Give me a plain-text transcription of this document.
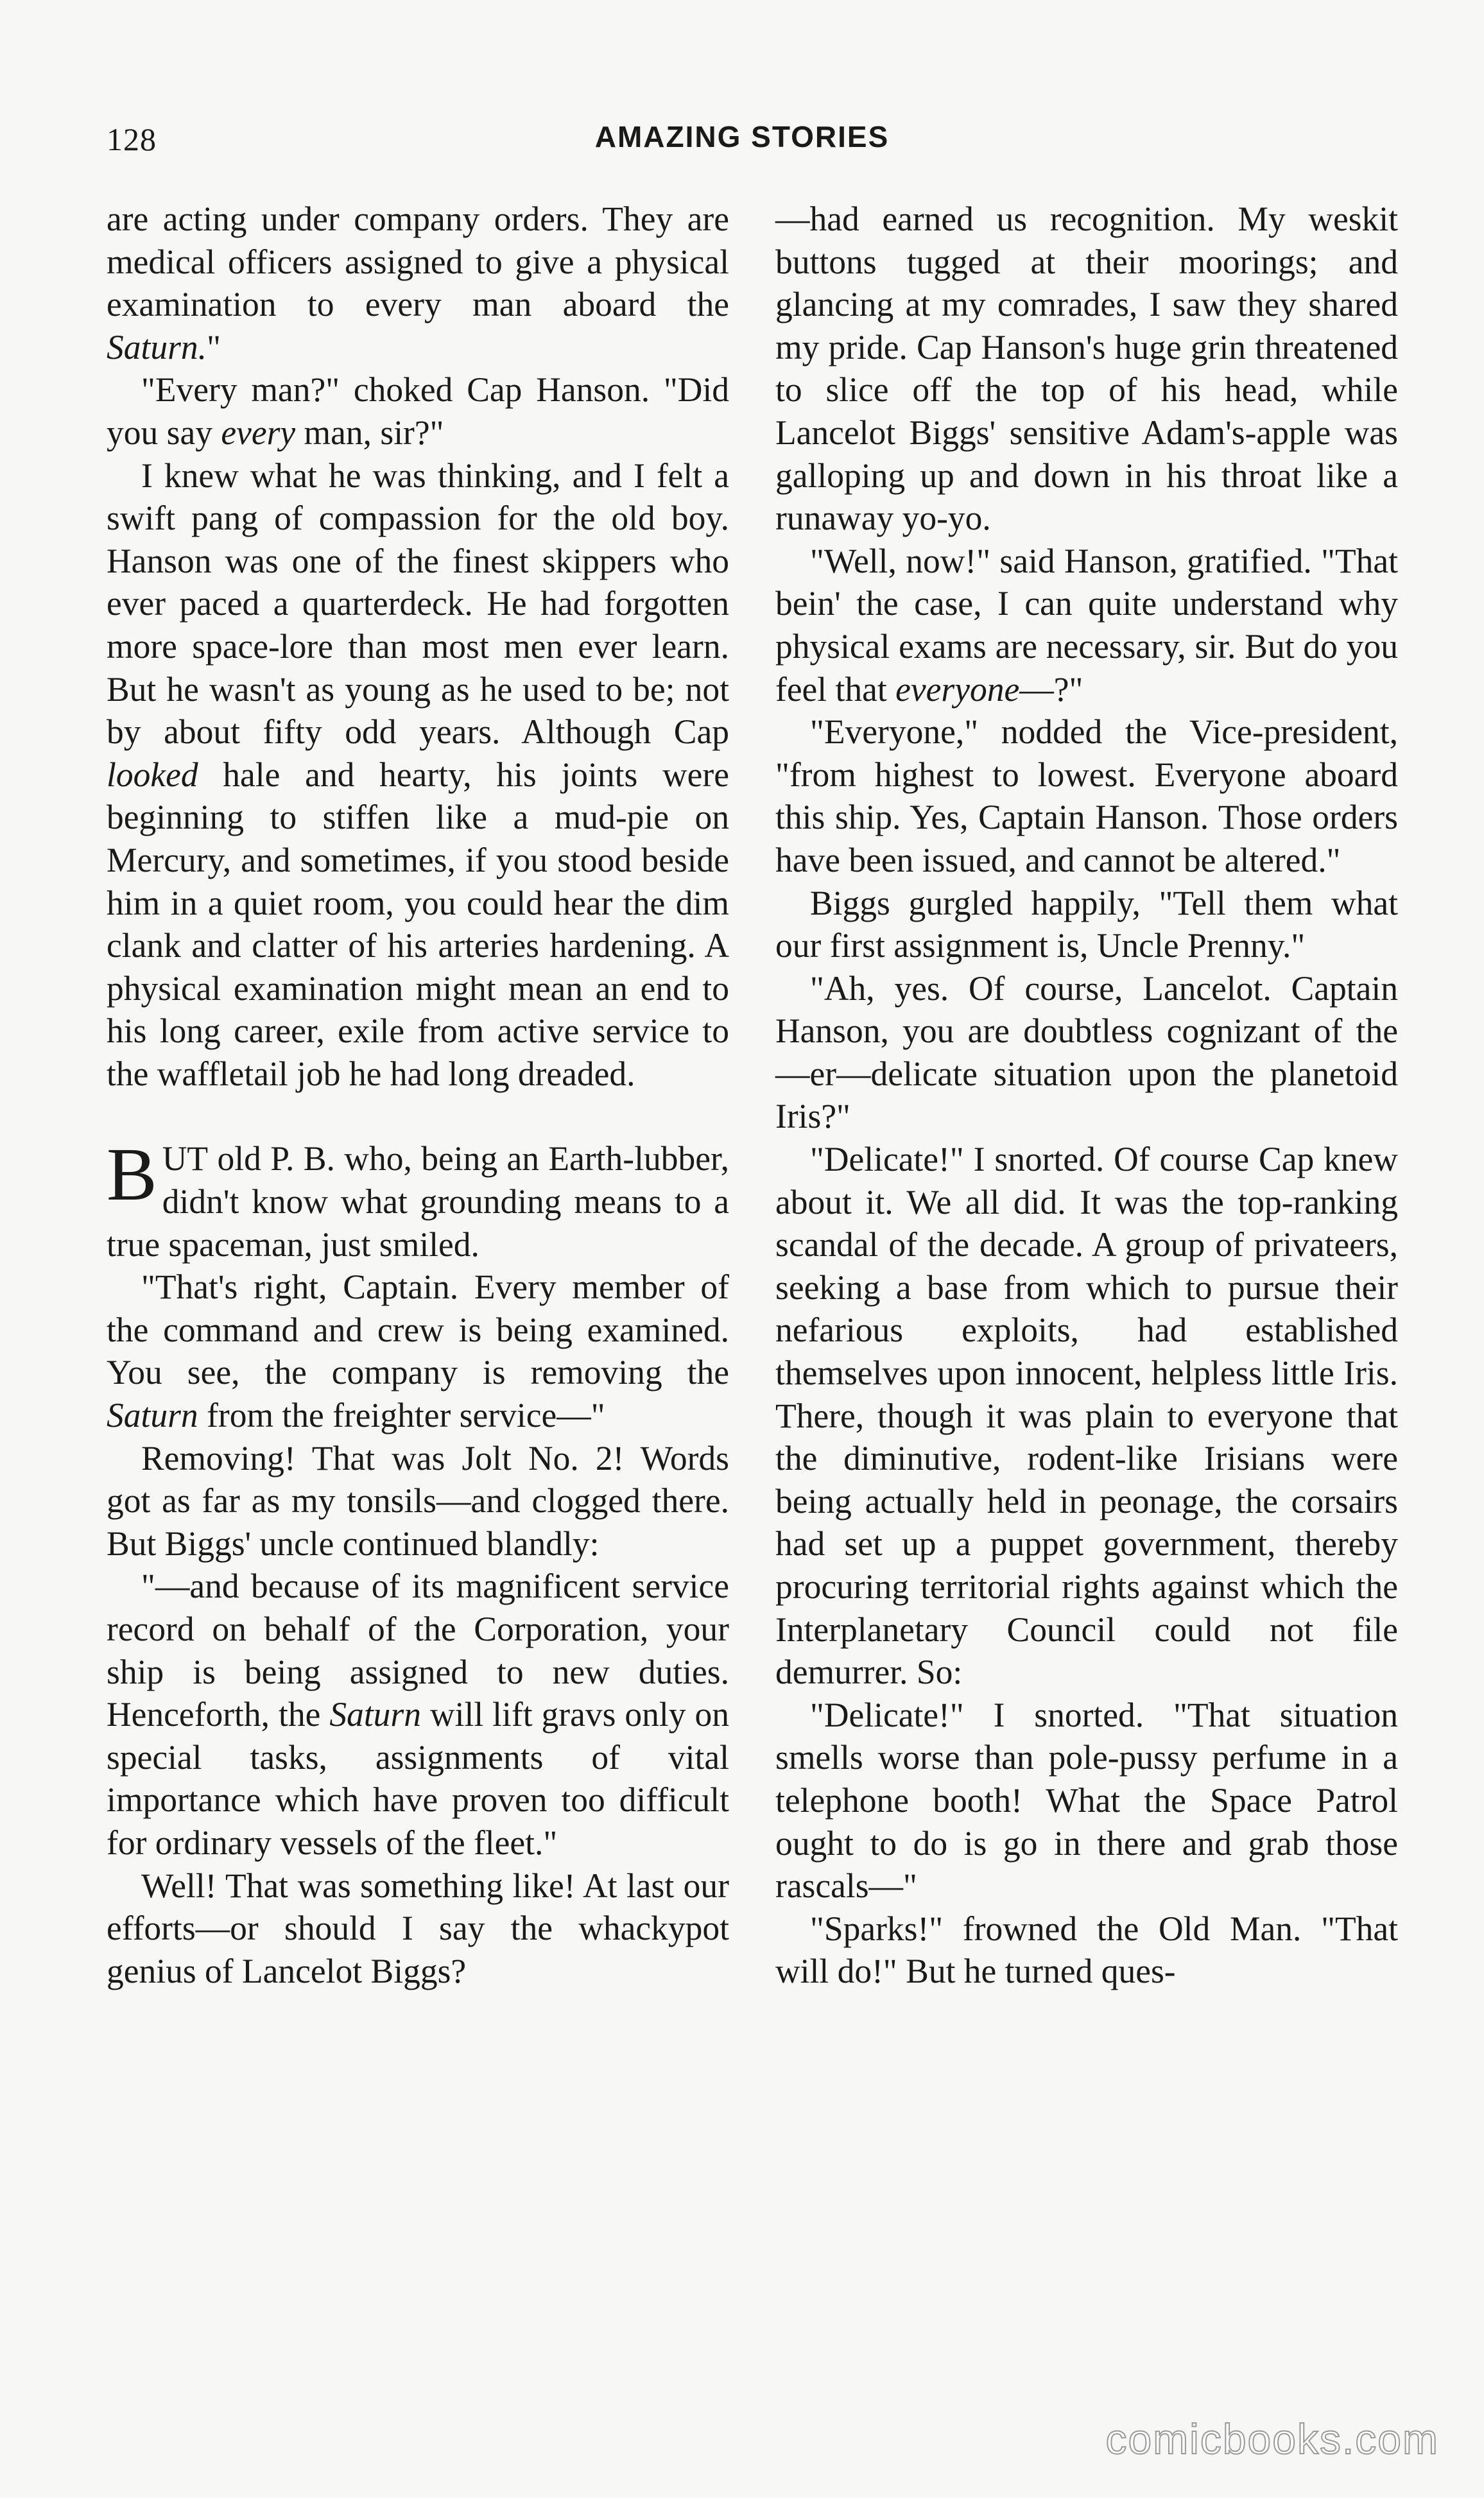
128	AMAZING STORIES

are acting under company orders. They are medical officers assigned to give a physical examination to every man aboard the Saturn."

"Every man?" choked Cap Hanson. "Did you say every man, sir?"

I knew what he was thinking, and I felt a swift pang of compassion for the old boy. Hanson was one of the finest skippers who ever paced a quarterdeck. He had forgotten more space-lore than most men ever learn. But he wasn't as young as he used to be; not by about fifty odd years. Although Cap looked hale and hearty, his joints were beginning to stiffen like a mud-pie on Mercury, and sometimes, if you stood beside him in a quiet room, you could hear the dim clank and clatter of his arteries hardening. A physical examination might mean an end to his long career, exile from active service to the waffletail job he had long dreaded.

BUT old P. B. who, being an Earth-lubber, didn't know what grounding means to a true spaceman, just smiled.

"That's right, Captain. Every member of the command and crew is being examined. You see, the company is removing the Saturn from the freighter service—"

Removing! That was Jolt No. 2! Words got as far as my tonsils—and clogged there. But Biggs' uncle continued blandly:

"—and because of its magnificent service record on behalf of the Corporation, your ship is being assigned to new duties. Henceforth, the Saturn will lift gravs only on special tasks, assignments of vital importance which have proven too difficult for ordinary vessels of the fleet."

Well! That was something like! At last our efforts—or should I say the whackypot genius of Lancelot Biggs?

—had earned us recognition. My weskit buttons tugged at their moorings; and glancing at my comrades, I saw they shared my pride. Cap Hanson's huge grin threatened to slice off the top of his head, while Lancelot Biggs' sensitive Adam's-apple was galloping up and down in his throat like a runaway yo-yo.

"Well, now!" said Hanson, gratified. "That bein' the case, I can quite understand why physical exams are necessary, sir. But do you feel that everyone—?"

"Everyone," nodded the Vice-president, "from highest to lowest. Everyone aboard this ship. Yes, Captain Hanson. Those orders have been issued, and cannot be altered."

Biggs gurgled happily, "Tell them what our first assignment is, Uncle Prenny."

"Ah, yes. Of course, Lancelot. Captain Hanson, you are doubtless cognizant of the—er—delicate situation upon the planetoid Iris?"

"Delicate!" I snorted. Of course Cap knew about it. We all did. It was the top-ranking scandal of the decade. A group of privateers, seeking a base from which to pursue their nefarious exploits, had established themselves upon innocent, helpless little Iris. There, though it was plain to everyone that the diminutive, rodent-like Irisians were being actually held in peonage, the corsairs had set up a puppet government, thereby procuring territorial rights against which the Interplanetary Council could not file demurrer. So:

"Delicate!" I snorted. "That situation smells worse than pole-pussy perfume in a telephone booth! What the Space Patrol ought to do is go in there and grab those rascals—"

"Sparks!" frowned the Old Man. "That will do!" But he turned ques-

comicbooks.com
